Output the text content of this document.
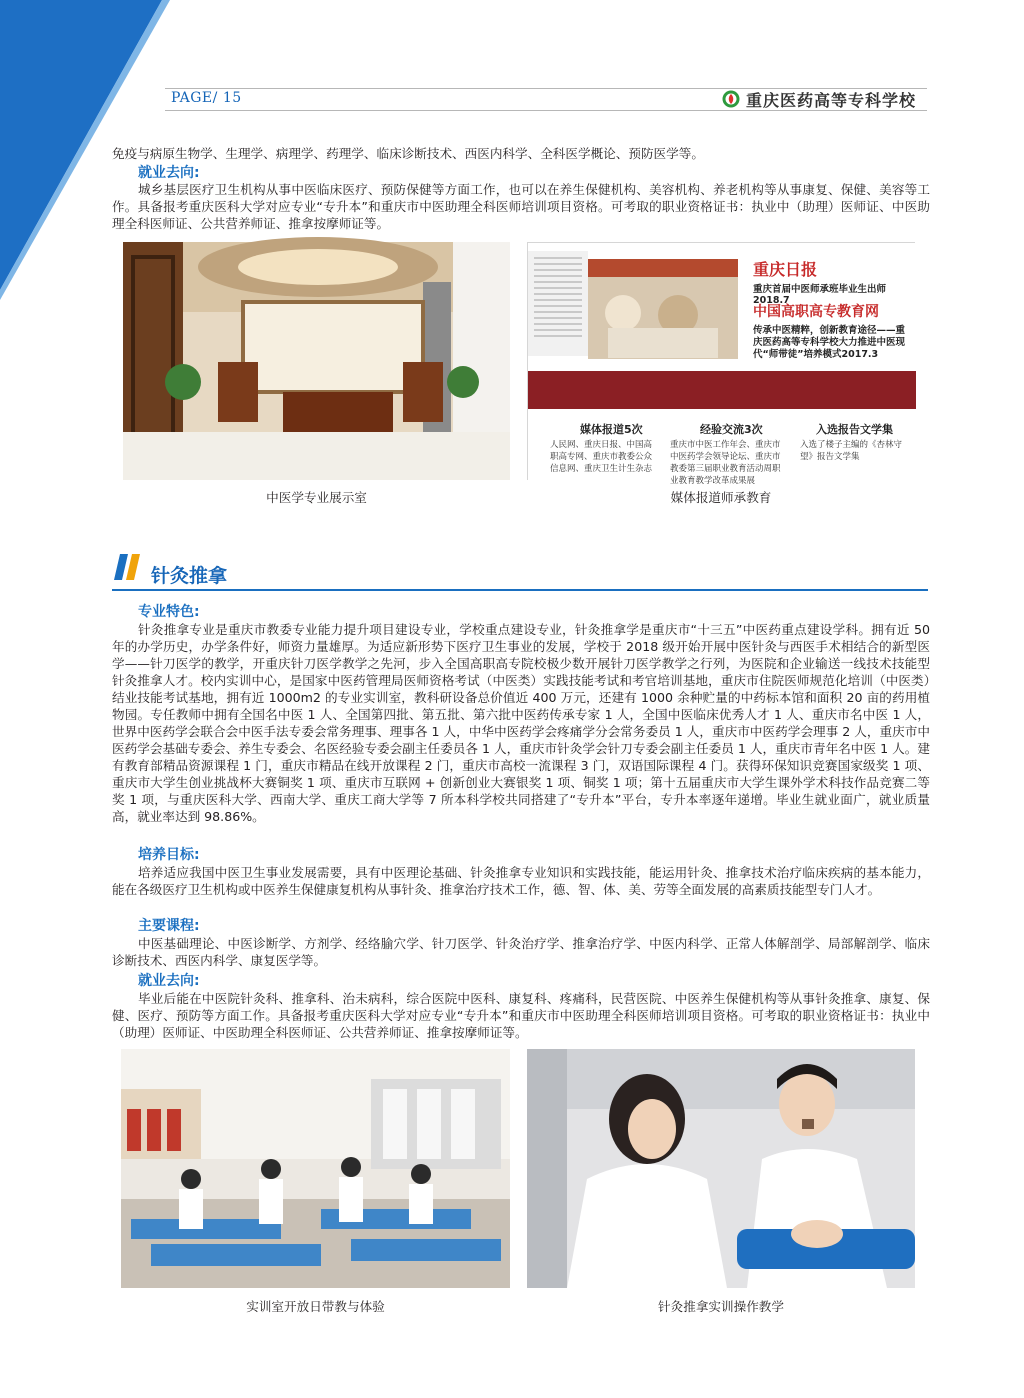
PAGE/ 15	重庆医药高等专科学校

免疫与病原生物学、生理学、病理学、药理学、临床诊断技术、西医内科学、全科医学概论、预防医学等。

就业去向:

城乡基层医疗卫生机构从事中医临床医疗、预防保健等方面工作，也可以在养生保健机构、美容机构、养老机构等从事康复、保健、美容等工作。具备报考重庆医科大学对应专业“专升本”和重庆市中医助理全科医师培训项目资格。可考取的职业资格证书：执业中（助理）医师证、中医助理全科医师证、公共营养师证、推拿按摩师证等。

中医学专业展示室
重庆日报
重庆首届中医师承班毕业生出师2018.7
中国高职高专教育网
传承中医精粹，创新教育途径——重庆医药高等专科学校大力推进中医现代“师带徒”培养模式2017.3
媒体报道5次
人民网、重庆日报、中国高职高专网、重庆市教委公众信息网、重庆卫生计生杂志
经验交流3次
重庆市中医工作年会、重庆市中医药学会领导论坛、重庆市教委第三届职业教育活动周职业教育教学改革成果展
入选报告文学集
入选了楼子主编的《杏林守望》报告文学集
媒体报道师承教育
针灸推拿

专业特色:

针灸推拿专业是重庆市教委专业能力提升项目建设专业，学校重点建设专业，针灸推拿学是重庆市“十三五”中医药重点建设学科。拥有近 50 年的办学历史，办学条件好，师资力量雄厚。为适应新形势下医疗卫生事业的发展，学校于 2018 级开始开展中医针灸与西医手术相结合的新型医学——针刀医学的教学，开重庆针刀医学教学之先河，步入全国高职高专院校极少数开展针刀医学教学之行列，为医院和企业输送一线技术技能型针灸推拿人才。校内实训中心，是国家中医药管理局医师资格考试（中医类）实践技能考试和考官培训基地，重庆市住院医师规范化培训（中医类）结业技能考试基地，拥有近 1000m2 的专业实训室，教科研设备总价值近 400 万元，还建有 1000 余种贮量的中药标本馆和面积 20 亩的药用植物园。专任教师中拥有全国名中医 1 人、全国第四批、第五批、第六批中医药传承专家 1 人，全国中医临床优秀人才 1 人、重庆市名中医 1 人，世界中医药学会联合会中医手法专委会常务理事、理事各 1 人，中华中医药学会疼痛学分会常务委员 1 人，重庆市中医药学会理事 2 人，重庆市中医药学会基础专委会、养生专委会、名医经验专委会副主任委员各 1 人，重庆市针灸学会针刀专委会副主任委员 1 人，重庆市青年名中医 1 人。建有教育部精品资源课程 1 门，重庆市精品在线开放课程 2 门，重庆市高校一流课程 3 门，双语国际课程 4 门。获得环保知识竞赛国家级奖 1 项、重庆市大学生创业挑战杯大赛铜奖 1 项、重庆市互联网 + 创新创业大赛银奖 1 项、铜奖 1 项；第十五届重庆市大学生课外学术科技作品竞赛二等奖 1 项，与重庆医科大学、西南大学、重庆工商大学等 7 所本科学校共同搭建了“专升本”平台，专升本率逐年递增。毕业生就业面广，就业质量高，就业率达到 98.86%。

培养目标:

培养适应我国中医卫生事业发展需要，具有中医理论基础、针灸推拿专业知识和实践技能，能运用针灸、推拿技术治疗临床疾病的基本能力，能在各级医疗卫生机构或中医养生保健康复机构从事针灸、推拿治疗技术工作，德、智、体、美、劳等全面发展的高素质技能型专门人才。

主要课程:

中医基础理论、中医诊断学、方剂学、经络腧穴学、针刀医学、针灸治疗学、推拿治疗学、中医内科学、正常人体解剖学、局部解剖学、临床诊断技术、西医内科学、康复医学等。

就业去向:

毕业后能在中医院针灸科、推拿科、治未病科，综合医院中医科、康复科、疼痛科，民营医院、中医养生保健机构等从事针灸推拿、康复、保健、医疗、预防等方面工作。具备报考重庆医科大学对应专业“专升本”和重庆市中医助理全科医师培训项目资格。可考取的职业资格证书：执业中（助理）医师证、中医助理全科医师证、公共营养师证、推拿按摩师证等。

实训室开放日带教与体验	针灸推拿实训操作教学
